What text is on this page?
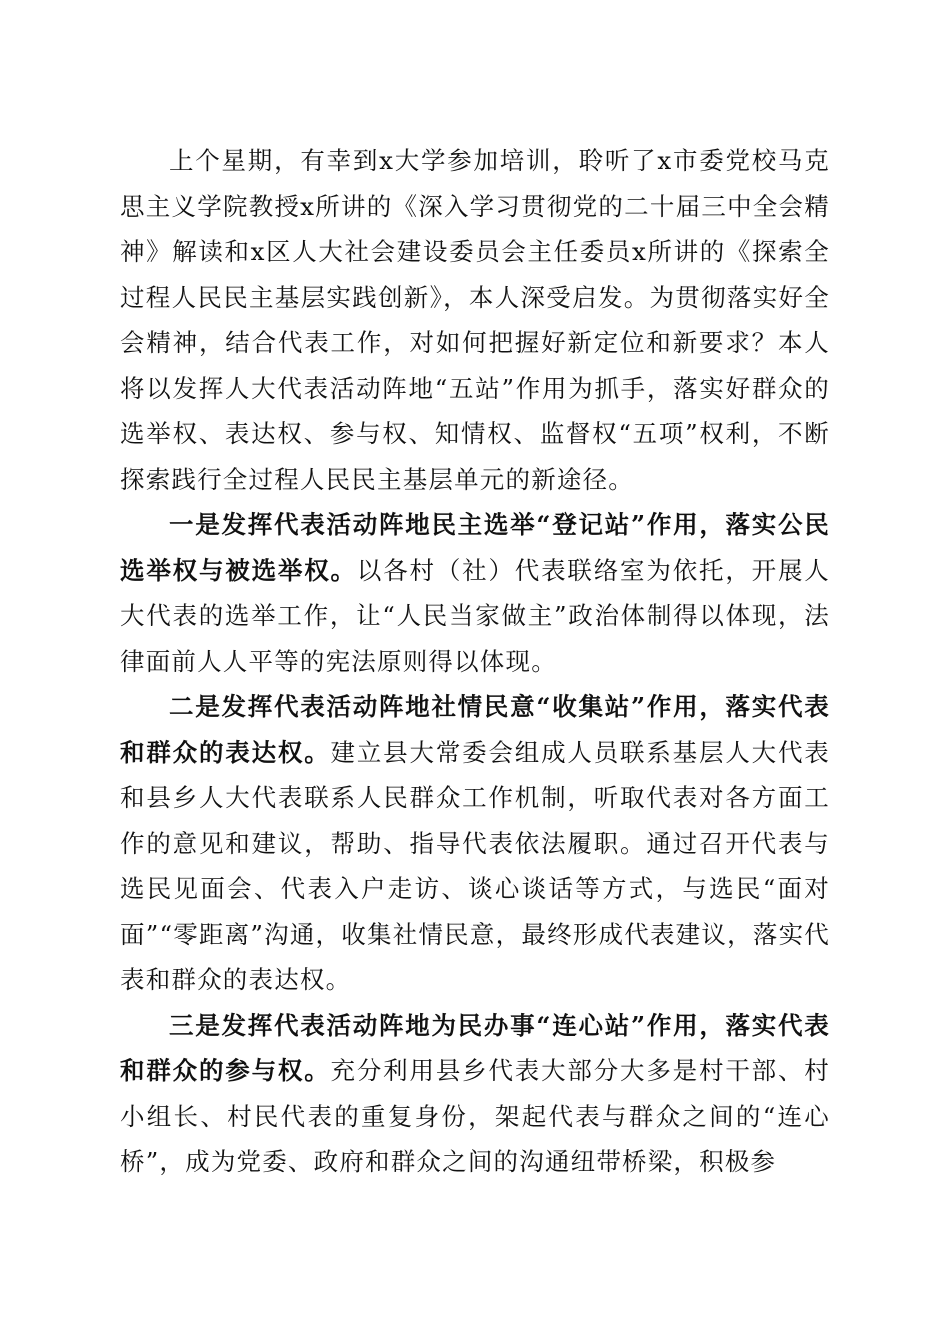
上个星期，有幸到x大学参加培训，聆听了x市委党校马克思主义学院教授x所讲的《深入学习贯彻党的二十届三中全会精神》解读和x区人大社会建设委员会主任委员x所讲的《探索全过程人民民主基层实践创新》，本人深受启发。为贯彻落实好全会精神，结合代表工作，对如何把握好新定位和新要求？本人将以发挥人大代表活动阵地“五站”作用为抓手，落实好群众的选举权、表达权、参与权、知情权、监督权“五项”权利，不断探索践行全过程人民民主基层单元的新途径。

一是发挥代表活动阵地民主选举“登记站”作用，落实公民选举权与被选举权。以各村（社）代表联络室为依托，开展人大代表的选举工作，让“人民当家做主”政治体制得以体现，法律面前人人平等的宪法原则得以体现。

二是发挥代表活动阵地社情民意“收集站”作用，落实代表和群众的表达权。建立县大常委会组成人员联系基层人大代表和县乡人大代表联系人民群众工作机制，听取代表对各方面工作的意见和建议，帮助、指导代表依法履职。通过召开代表与选民见面会、代表入户走访、谈心谈话等方式，与选民“面对面”“零距离”沟通，收集社情民意，最终形成代表建议，落实代表和群众的表达权。

三是发挥代表活动阵地为民办事“连心站”作用，落实代表和群众的参与权。充分利用县乡代表大部分大多是村干部、村小组长、村民代表的重复身份，架起代表与群众之间的“连心桥”，成为党委、政府和群众之间的沟通纽带桥梁，积极参
